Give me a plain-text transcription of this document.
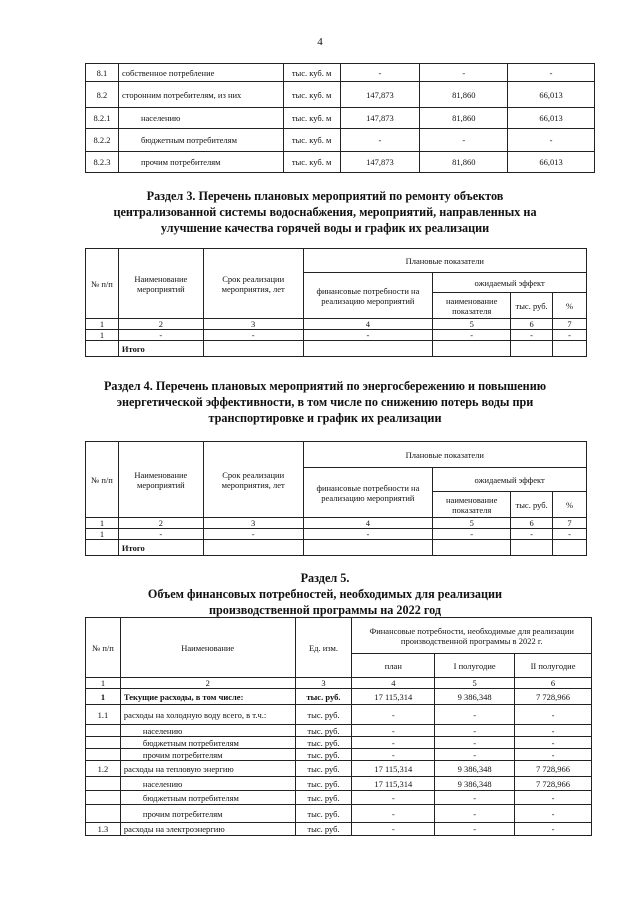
4
8.1	собственное потребление	тыс. куб. м	-	-	-
8.2	сторонним потребителям, из них	тыс. куб. м	147,873	81,860	66,013
8.2.1	населению	тыс. куб. м	147,873	81,860	66,013
8.2.2	бюджетным потребителям	тыс. куб. м	-	-	-
8.2.3	прочим потребителям	тыс. куб. м	147,873	81,860	66,013
Раздел 3. Перечень плановых мероприятий по ремонту объектов
централизованной системы водоснабжения, мероприятий, направленных на
улучшение качества горячей воды и график их реализации
№ п/п	Наименование мероприятий	Срок реализации мероприятия, лет	Плановые показатели			
			финансовые потребности на реализацию мероприятий	ожидаемый эффект		
				наименование показателя	тыс. руб.	%
1	2	3	4	5	6	7
1	-	-	-	-	-	-
	Итого					
Раздел 4. Перечень плановых мероприятий по энергосбережению и повышению
энергетической эффективности, в том числе по снижению потерь воды при
транспортировке и график их реализации
№ п/п	Наименование мероприятий	Срок реализации мероприятия, лет	Плановые показатели			
			финансовые потребности на реализацию мероприятий	ожидаемый эффект		
				наименование показателя	тыс. руб.	%
1	2	3	4	5	6	7
1	-	-	-	-	-	-
	Итого					
Раздел 5.
Объем финансовых потребностей, необходимых для реализации
производственной программы на 2022 год
№ п/п	Наименование	Ед. изм.	Финансовые потребности, необходимые для реализации производственной программы в 2022 г.		
			план	I полугодие	II полугодие
1	2	3	4	5	6
1	Текущие расходы, в том числе:	тыс. руб.	17 115,314	9 386,348	7 728,966
1.1	расходы на холодную воду всего, в т.ч.:	тыс. руб.	-	-	-
	населению	тыс. руб.	-	-	-
	бюджетным потребителям	тыс. руб.	-	-	-
	прочим потребителям	тыс. руб.	-	-	-
1.2	расходы на тепловую энергию	тыс. руб.	17 115,314	9 386,348	7 728,966
	населению	тыс. руб.	17 115,314	9 386,348	7 728,966
	бюджетным потребителям	тыс. руб.	-	-	-
	прочим потребителям	тыс. руб.	-	-	-
1.3	расходы на электроэнергию	тыс. руб.	-	-	-
